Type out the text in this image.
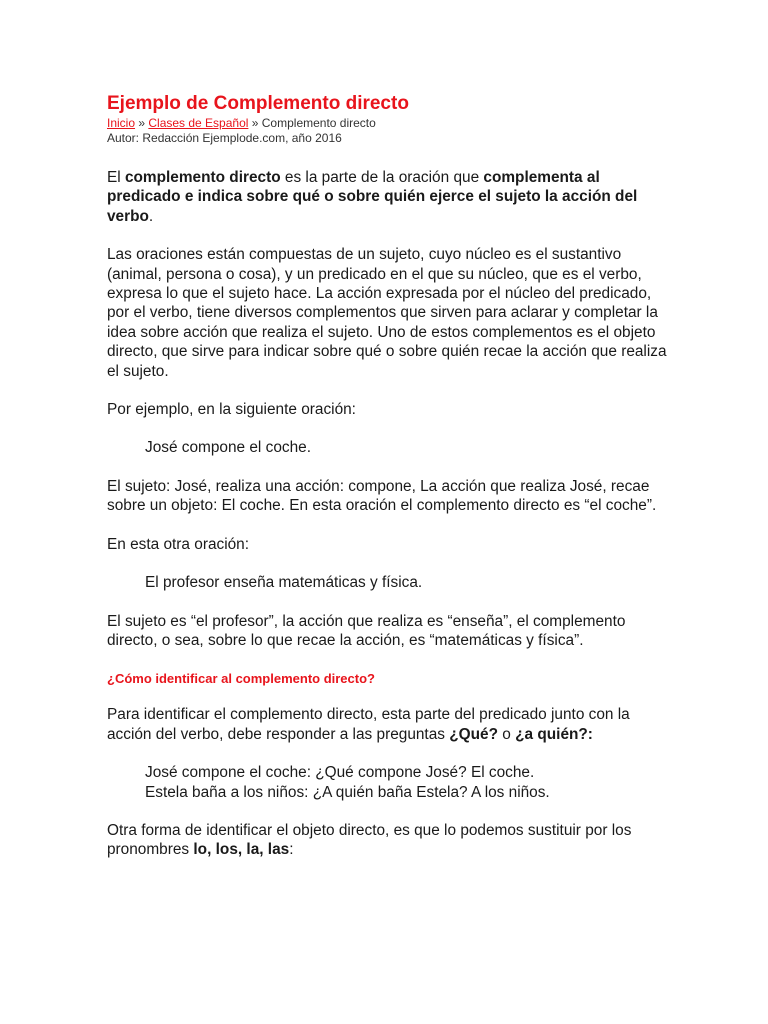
Ejemplo de Complemento directo
Inicio » Clases de Español » Complemento directo
Autor: Redacción Ejemplode.com, año 2016

El complemento directo es la parte de la oración que complementa al predicado e indica sobre qué o sobre quién ejerce el sujeto la acción del verbo.

Las oraciones están compuestas de un sujeto, cuyo núcleo es el sustantivo (animal, persona o cosa), y un predicado en el que su núcleo, que es el verbo, expresa lo que el sujeto hace. La acción expresada por el núcleo del predicado, por el verbo, tiene diversos complementos que sirven para aclarar y completar la idea sobre acción que realiza el sujeto. Uno de estos complementos es el objeto directo, que sirve para indicar sobre qué o sobre quién recae la acción que realiza el sujeto.

Por ejemplo, en la siguiente oración:

José compone el coche.

El sujeto: José, realiza una acción: compone, La acción que realiza José, recae sobre un objeto: El coche. En esta oración el complemento directo es “el coche”.

En esta otra oración:

El profesor enseña matemáticas y física.

El sujeto es “el profesor”, la acción que realiza es “enseña”, el complemento directo, o sea, sobre lo que recae la acción, es “matemáticas y física”.

¿Cómo identificar al complemento directo?

Para identificar el complemento directo, esta parte del predicado junto con la acción del verbo, debe responder a las preguntas ¿Qué? o ¿a quién?:

José compone el coche: ¿Qué compone José? El coche.

Estela baña a los niños: ¿A quién baña Estela? A los niños.

Otra forma de identificar el objeto directo, es que lo podemos sustituir por los pronombres lo, los, la, las:
